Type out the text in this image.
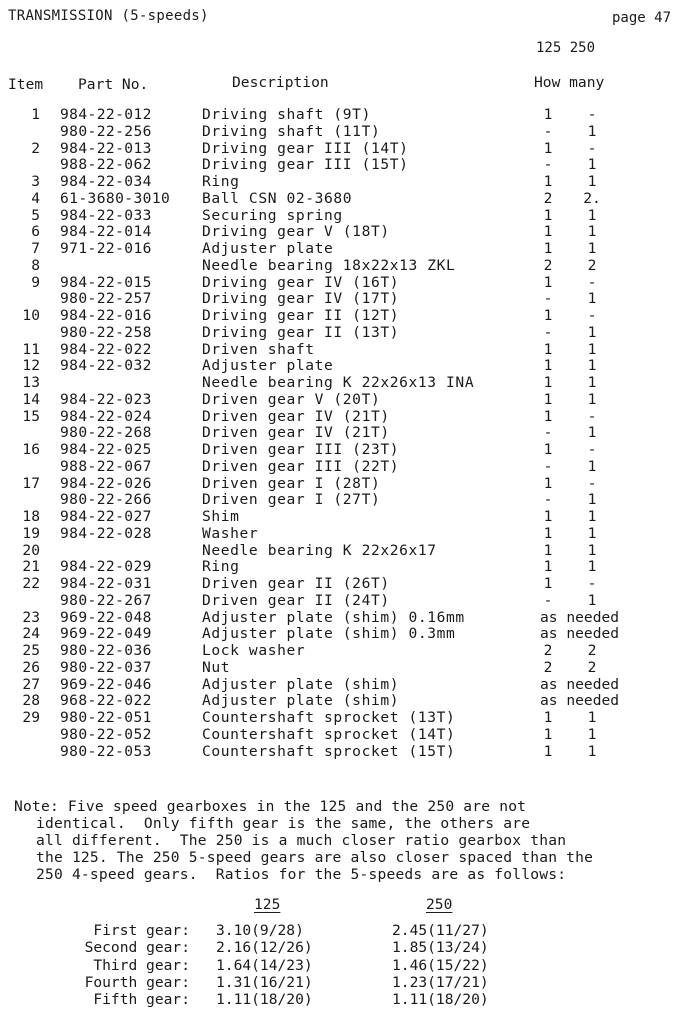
TRANSMISSION (5-speeds)	page 47
125 250
Item Part No.	Description	How many
1 984-22-012	Driving shaft (9T)	1	-
980-22-256	Driving shaft (11T)	-	1
2 984-22-013	Driving gear III (14T)	1	-
988-22-062	Driving gear III (15T)	-	1
3 984-22-034	Ring	1	1
4 61-3680-3010 Ball CSN 02-3680	2	2.
5 984-22-033	Securing spring	1	1
6 984-22-014	Driving gear V (18T)	1	1
7 971-22-016	Adjuster plate	1	1
8	Needle bearing 18x22x13 ZKL	2	2
9 984-22-015	Driving gear IV (16T)	1	-
980-22-257	Driving gear IV (17T)	-	1
10 984-22-016	Driving gear II (12T)	1	-
980-22-258	Driving gear II (13T)	-	1
11 984-22-022	Driven shaft	1	1
12 984-22-032	Adjuster plate	1	1
13	Needle bearing K 22x26x13 INA	1	1
14 984-22-023	Driven gear V (20T)	1	1
15 984-22-024	Driven gear IV (21T)	1	-
980-22-268	Driven gear IV (21T)	-	1
16 984-22-025	Driven gear III (23T)	1	-
988-22-067	Driven gear III (22T)	-	1
17 984-22-026	Driven gear I (28T)	1	-
980-22-266	Driven gear I (27T)	-	1
18 984-22-027	Shim	1	1
19 984-22-028	Washer	1	1
20	Needle bearing K 22x26x17	1	1
21 984-22-029	Ring	1	1
22 984-22-031	Driven gear II (26T)	1	-
980-22-267	Driven gear II (24T)	-	1
23 969-22-048	Adjuster plate (shim) 0.16mm	as needed
24 969-22-049	Adjuster plate (shim) 0.3mm	as needed
25 980-22-036	Lock washer	2	2
26 980-22-037	Nut	2	2
27 969-22-046	Adjuster plate (shim)	as needed
28 968-22-022	Adjuster plate (shim)	as needed
29 980-22-051	Countershaft sprocket (13T)	1	1
980-22-052	Countershaft sprocket (14T)	1	1
980-22-053	Countershaft sprocket (15T)	1	1

Note: Five speed gearboxes in the 125 and the 250 are not

identical.  Only fifth gear is the same, the others are

all different.  The 250 is a much closer ratio gearbox than

the 125. The 250 5-speed gears are also closer spaced than the

250 4-speed gears.  Ratios for the 5-speeds are as follows:

125	250
First gear: 3.10(9/28)	2.45(11/27)
Second gear: 2.16(12/26)	1.85(13/24)
Third gear: 1.64(14/23)	1.46(15/22)
Fourth gear: 1.31(16/21)	1.23(17/21)
Fifth gear: 1.11(18/20)	1.11(18/20)
